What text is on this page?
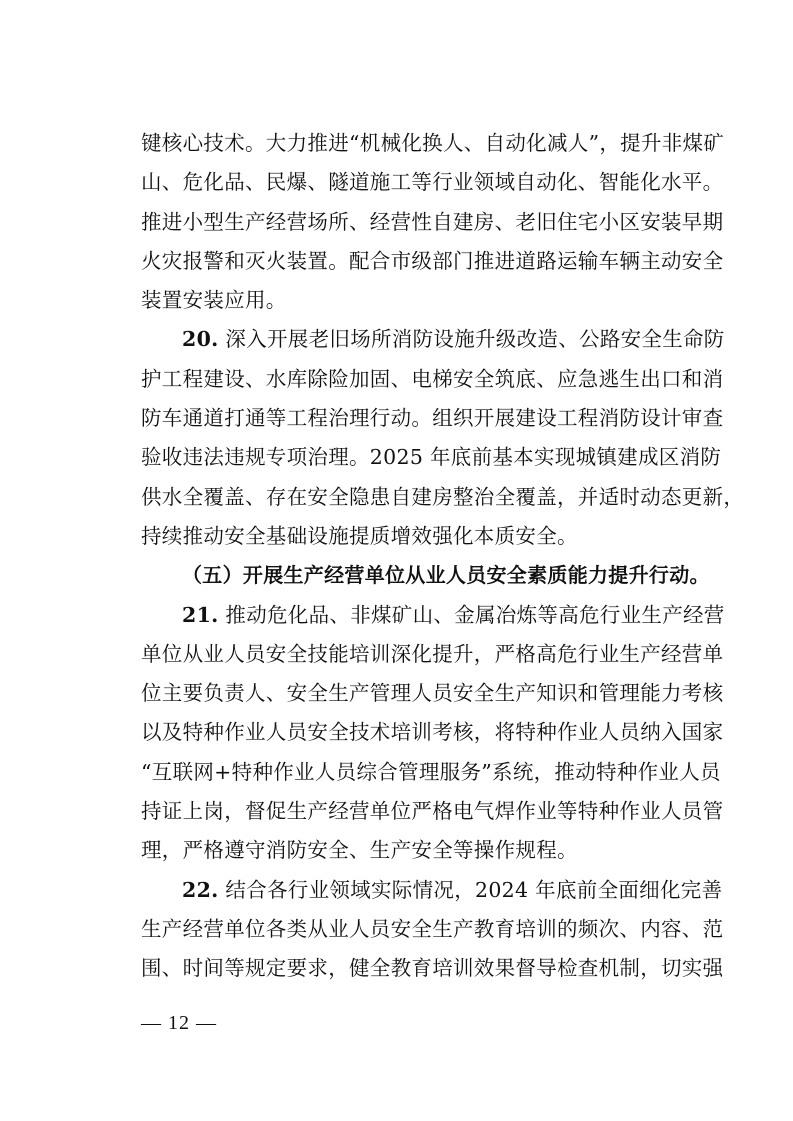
键核心技术。大力推进“机械化换人、自动化减人”，提升非煤矿
山、危化品、民爆、隧道施工等行业领域自动化、智能化水平。
推进小型生产经营场所、经营性自建房、老旧住宅小区安装早期
火灾报警和灭火装置。配合市级部门推进道路运输车辆主动安全
装置安装应用。
20. 深入开展老旧场所消防设施升级改造、公路安全生命防
护工程建设、水库除险加固、电梯安全筑底、应急逃生出口和消
防车通道打通等工程治理行动。组织开展建设工程消防设计审查
验收违法违规专项治理。2025 年底前基本实现城镇建成区消防
供水全覆盖、存在安全隐患自建房整治全覆盖，并适时动态更新，
持续推动安全基础设施提质增效强化本质安全。
（五）开展生产经营单位从业人员安全素质能力提升行动。
21. 推动危化品、非煤矿山、金属冶炼等高危行业生产经营
单位从业人员安全技能培训深化提升，严格高危行业生产经营单
位主要负责人、安全生产管理人员安全生产知识和管理能力考核
以及特种作业人员安全技术培训考核，将特种作业人员纳入国家
“互联网+特种作业人员综合管理服务”系统，推动特种作业人员
持证上岗，督促生产经营单位严格电气焊作业等特种作业人员管
理，严格遵守消防安全、生产安全等操作规程。
22. 结合各行业领域实际情况，2024 年底前全面细化完善
生产经营单位各类从业人员安全生产教育培训的频次、内容、范
围、时间等规定要求，健全教育培训效果督导检查机制，切实强
— 12 —
